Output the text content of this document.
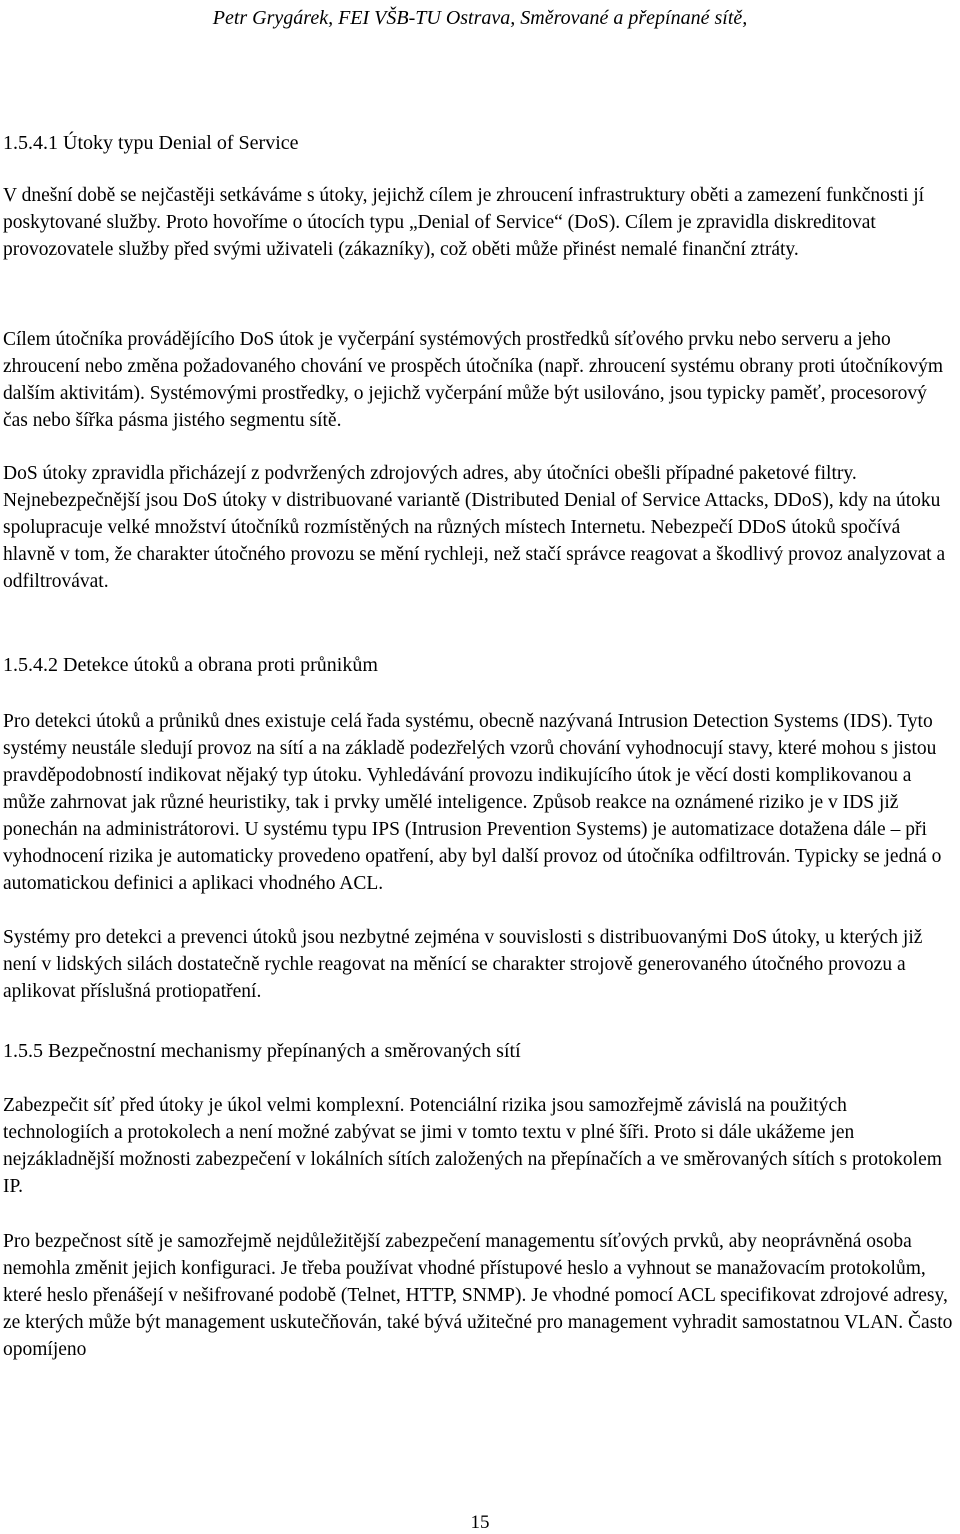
Petr Grygárek, FEI VŠB-TU Ostrava, Směrované a přepínané sítě,
1.5.4.1 Útoky typu Denial of Service

V dnešní době se nejčastěji setkáváme s útoky, jejichž cílem je zhroucení infrastruktury oběti a zamezení funkčnosti jí poskytované služby. Proto hovoříme o útocích typu „Denial of Service“ (DoS). Cílem je zpravidla diskreditovat provozovatele služby před svými uživateli (zákazníky), což oběti může přinést nemalé finanční ztráty.

Cílem útočníka provádějícího DoS útok je vyčerpání systémových prostředků síťového prvku nebo serveru a jeho zhroucení nebo změna požadovaného chování ve prospěch útočníka (např. zhroucení systému obrany proti útočníkovým dalším aktivitám). Systémovými prostředky, o jejichž vyčerpání může být usilováno, jsou typicky paměť, procesorový čas nebo šířka pásma jistého segmentu sítě.

DoS útoky zpravidla přicházejí z podvržených zdrojových adres, aby útočníci obešli případné paketové filtry. Nejnebezpečnější jsou DoS útoky v distribuované variantě (Distributed Denial of Service Attacks, DDoS), kdy na útoku spolupracuje velké množství útočníků rozmístěných na různých místech Internetu. Nebezpečí DDoS útoků spočívá hlavně v tom, že charakter útočného provozu se mění rychleji, než stačí správce reagovat a škodlivý provoz analyzovat a odfiltrovávat.

1.5.4.2 Detekce útoků a obrana proti průnikům

Pro detekci útoků a průniků dnes existuje celá řada systému, obecně nazývaná Intrusion Detection Systems (IDS). Tyto systémy neustále sledují provoz na sítí a na základě podezřelých vzorů chování vyhodnocují stavy, které mohou s jistou pravděpodobností indikovat nějaký typ útoku. Vyhledávání provozu indikujícího útok je věcí dosti komplikovanou a může zahrnovat jak různé heuristiky, tak i prvky umělé inteligence. Způsob reakce na oznámené riziko je v IDS již ponechán na administrátorovi. U systému typu IPS (Intrusion Prevention Systems) je automatizace dotažena dále – při vyhodnocení rizika je automaticky provedeno opatření, aby byl další provoz od útočníka odfiltrován. Typicky se jedná o automatickou definici a aplikaci vhodného ACL.

Systémy pro detekci a prevenci útoků jsou nezbytné zejména v souvislosti s distribuovanými DoS útoky, u kterých již není v lidských silách dostatečně rychle reagovat na měnící se charakter strojově generovaného útočného provozu a aplikovat příslušná protiopatření.

1.5.5 Bezpečnostní mechanismy přepínaných a směrovaných sítí

Zabezpečit síť před útoky je úkol velmi komplexní. Potenciální rizika jsou samozřejmě závislá na použitých technologiích a protokolech a není možné zabývat se jimi v tomto textu v plné šíři. Proto si dále ukážeme jen nejzákladnější možnosti zabezpečení v lokálních sítích založených na přepínačích a ve směrovaných sítích s protokolem IP.

Pro bezpečnost sítě je samozřejmě nejdůležitější zabezpečení managementu síťových prvků, aby neoprávněná osoba nemohla změnit jejich konfiguraci. Je třeba používat vhodné přístupové heslo a vyhnout se manažovacím protokolům, které heslo přenášejí v nešifrované podobě (Telnet, HTTP, SNMP). Je vhodné pomocí ACL specifikovat zdrojové adresy, ze kterých může být management uskutečňován, také bývá užitečné pro management vyhradit samostatnou VLAN. Často opomíjeno

15
